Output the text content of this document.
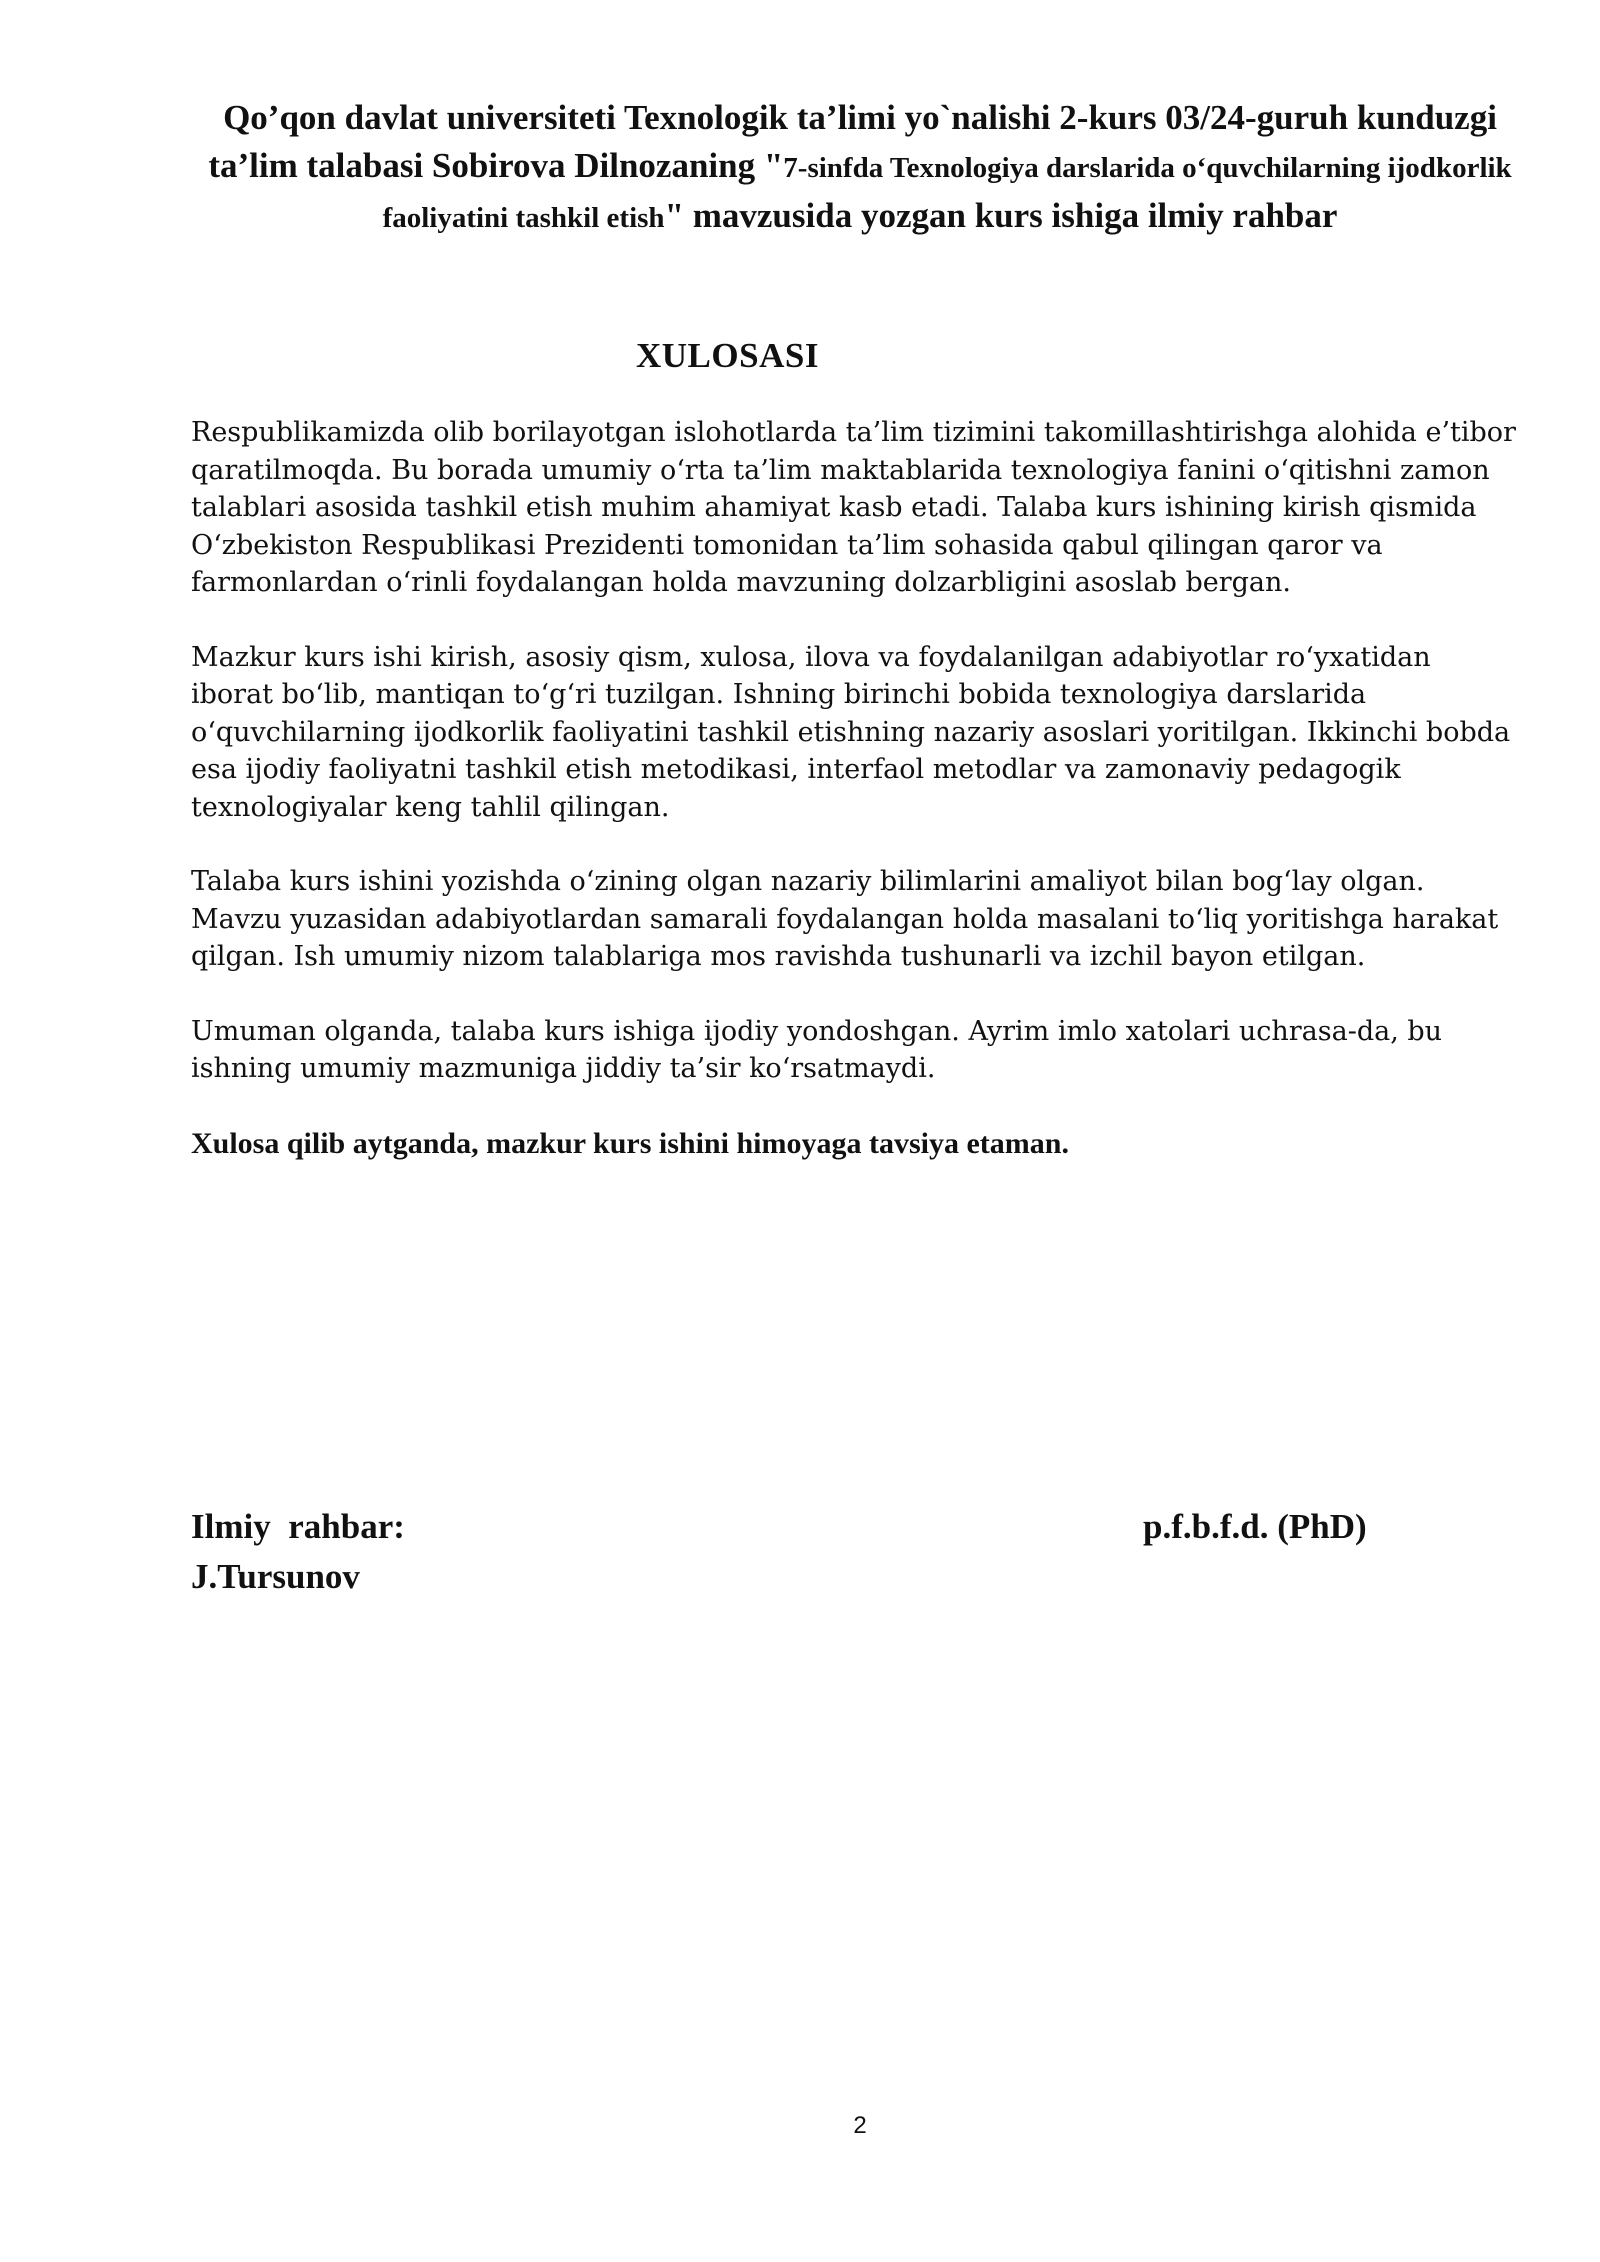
Qo’qon davlat universiteti Texnologik ta’limi yo`nalishi 2-kurs 03/24-guruh kunduzgi ta’lim talabasi Sobirova Dilnozaning "7-sinfda Texnologiya darslarida o‘quvchilarning ijodkorlik faoliyatini tashkil etish" mavzusida yozgan kurs ishiga ilmiy rahbar
XULOSASI

Respublikamizda olib borilayotgan islohotlarda ta’lim tizimini takomillashtirishga alohida e’tibor qaratilmoqda. Bu borada umumiy o‘rta ta’lim maktablarida texnologiya fanini o‘qitishni zamon talablari asosida tashkil etish muhim ahamiyat kasb etadi. Talaba kurs ishining kirish qismida O‘zbekiston Respublikasi Prezidenti tomonidan ta’lim sohasida qabul qilingan qaror va farmonlardan o‘rinli foydalangan holda mavzuning dolzarbligini asoslab bergan.

Mazkur kurs ishi kirish, asosiy qism, xulosa, ilova va foydalanilgan adabiyotlar ro‘yxatidan iborat bo‘lib, mantiqan to‘g‘ri tuzilgan. Ishning birinchi bobida texnologiya darslarida o‘quvchilarning ijodkorlik faoliyatini tashkil etishning nazariy asoslari yoritilgan. Ikkinchi bobda esa ijodiy faoliyatni tashkil etish metodikasi, interfaol metodlar va zamonaviy pedagogik texnologiyalar keng tahlil qilingan.

Talaba kurs ishini yozishda o‘zining olgan nazariy bilimlarini amaliyot bilan bog‘lay olgan. Mavzu yuzasidan adabiyotlardan samarali foydalangan holda masalani to‘liq yoritishga harakat qilgan. Ish umumiy nizom talablariga mos ravishda tushunarli va izchil bayon etilgan.

Umuman olganda, talaba kurs ishiga ijodiy yondoshgan. Ayrim imlo xatolari uchrasa-da, bu ishning umumiy mazmuniga jiddiy ta’sir ko‘rsatmaydi.

Xulosa qilib aytganda, mazkur kurs ishini himoyaga tavsiya etaman.

Ilmiy  rahbar:	p.f.b.f.d. (PhD)
J.Tursunov
2
